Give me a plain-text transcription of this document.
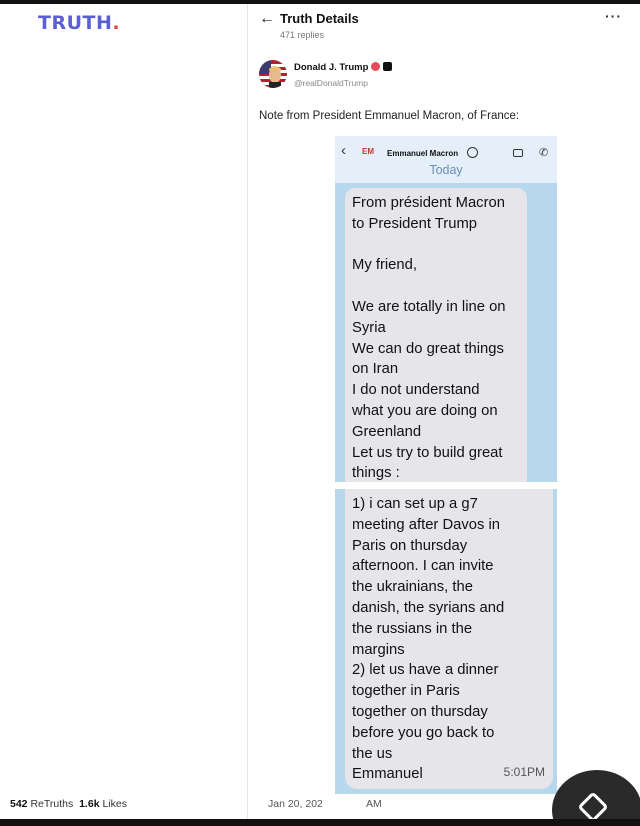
TRUTH.	← Truth Details
471 replies
···
Donald J. Trump
@realDonaldTrump
Note from President Emmanuel Macron, of France:
‹ EM Emmanuel Macron	✆
Today
From président Macron
to President Trump

My friend,

We are totally in line on
Syria
We can do great things
on Iran
I do not understand
what you are doing on
Greenland
Let us try to build great
things :
1) i can set up a g7
meeting after Davos in
Paris on thursday
afternoon. I can invite
the ukrainians, the
danish, the syrians and
the russians in the
margins
2) let us have a dinner
together in Paris
together on thursday
before you go back to
the us
Emmanuel	5:01PM
542 ReTruths 1.6k Likes	Jan 20, 202	AM
